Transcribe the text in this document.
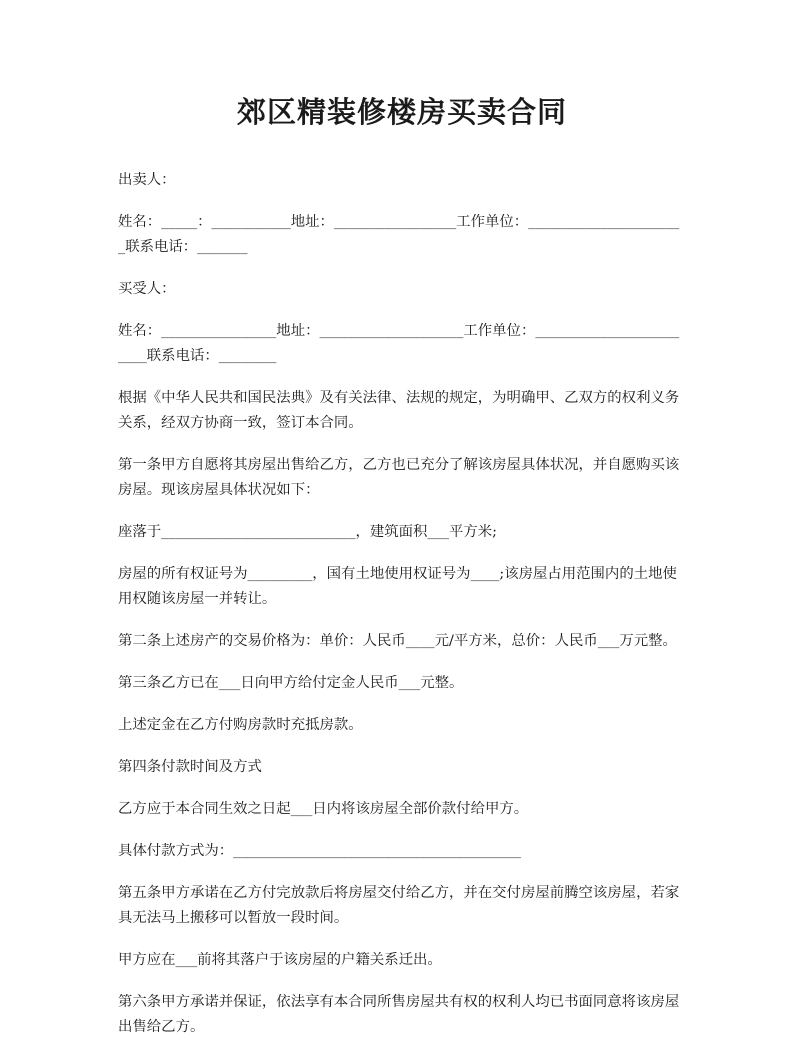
郊区精装修楼房买卖合同

出卖人：

姓名：_____：___________地址：_________________工作单位：______________________联系电话：_______

买受人：

姓名：________________地址：____________________工作单位：________________________联系电话：________

根据《中华人民共和国民法典》及有关法律、法规的规定，为明确甲、乙双方的权利义务关系，经双方协商一致，签订本合同。

第一条甲方自愿将其房屋出售给乙方，乙方也已充分了解该房屋具体状况，并自愿购买该房屋。现该房屋具体状况如下：

座落于___________________________，建筑面积___平方米;

房屋的所有权证号为_________，国有土地使用权证号为____;该房屋占用范围内的土地使用权随该房屋一并转让。

第二条上述房产的交易价格为：单价：人民币____元/平方米，总价：人民币___万元整。

第三条乙方已在___日向甲方给付定金人民币___元整。

上述定金在乙方付购房款时充抵房款。

第四条付款时间及方式

乙方应于本合同生效之日起___日内将该房屋全部价款付给甲方。

具体付款方式为：________________________________________

第五条甲方承诺在乙方付完放款后将房屋交付给乙方，并在交付房屋前腾空该房屋，若家具无法马上搬移可以暂放一段时间。

甲方应在___前将其落户于该房屋的户籍关系迁出。

第六条甲方承诺并保证，依法享有本合同所售房屋共有权的权利人均已书面同意将该房屋出售给乙方。
